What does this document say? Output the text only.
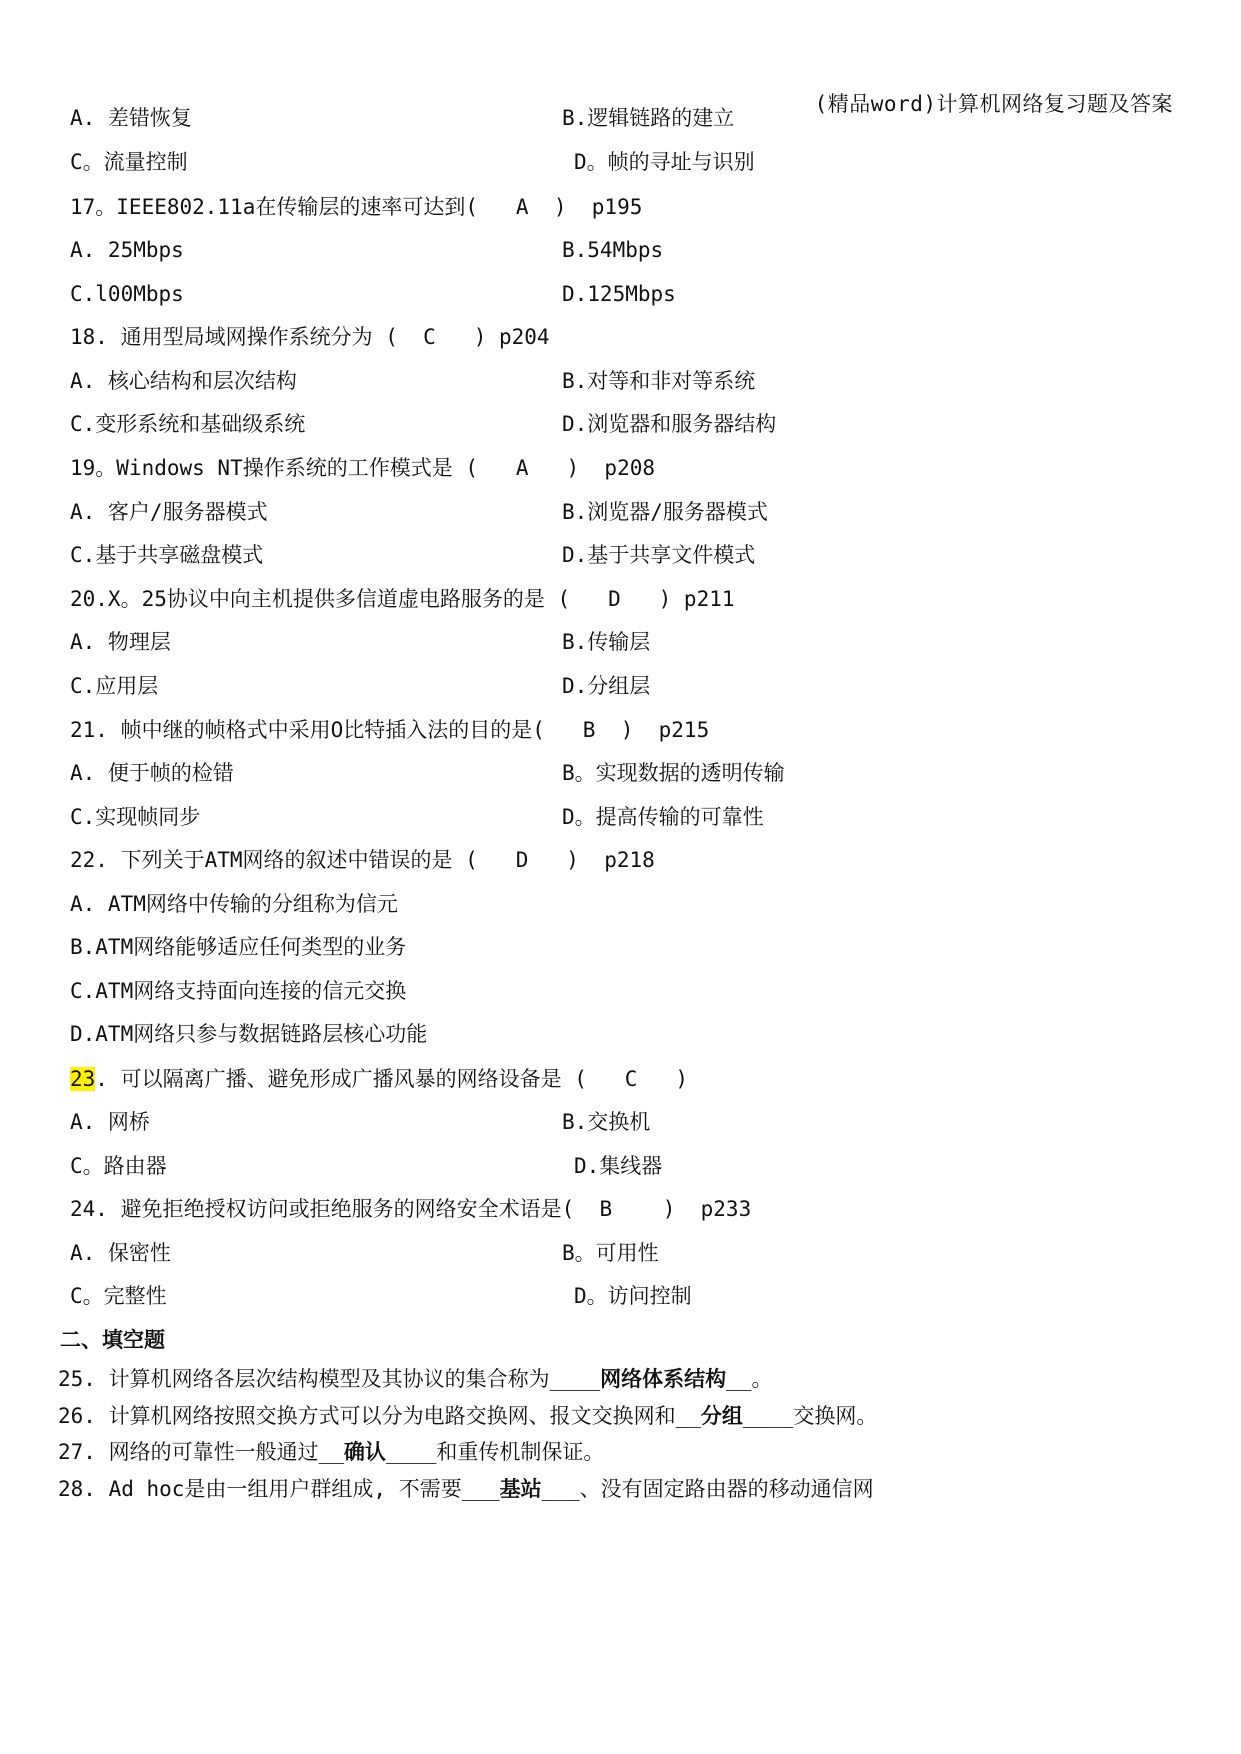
(精品word)计算机网络复习题及答案
A. 差错恢复	B.逻辑链路的建立
C。流量控制	D。帧的寻址与识别
17。IEEE802.11a在传输层的速率可达到(   A  )  p195
A. 25Mbps	B.54Mbps
C.l00Mbps	D.125Mbps
18. 通用型局域网操作系统分为 (  C   ) p204
A. 核心结构和层次结构	B.对等和非对等系统
C.变形系统和基础级系统	D.浏览器和服务器结构
19。Windows NT操作系统的工作模式是 (   A   )  p208
A. 客户/服务器模式	B.浏览器/服务器模式
C.基于共享磁盘模式	D.基于共享文件模式
20.X。25协议中向主机提供多信道虚电路服务的是 (   D   ) p211
A. 物理层	B.传输层
C.应用层	D.分组层
21. 帧中继的帧格式中采用O比特插入法的目的是(   B  )  p215
A. 便于帧的检错	B。实现数据的透明传输
C.实现帧同步	D。提高传输的可靠性
22. 下列关于ATM网络的叙述中错误的是 (   D   )  p218
A. ATM网络中传输的分组称为信元
B.ATM网络能够适应任何类型的业务
C.ATM网络支持面向连接的信元交换
D.ATM网络只参与数据链路层核心功能
23. 可以隔离广播、避免形成广播风暴的网络设备是 (   C   )
A. 网桥	B.交换机
C。路由器	D.集线器
24. 避免拒绝授权访问或拒绝服务的网络安全术语是(  B    )  p233
A. 保密性	B。可用性
C。完整性	D。访问控制
二、填空题
25. 计算机网络各层次结构模型及其协议的集合称为____网络体系结构__。
26. 计算机网络按照交换方式可以分为电路交换网、报文交换网和__分组____交换网。
27. 网络的可靠性一般通过__确认____和重传机制保证。
28. Ad hoc是由一组用户群组成, 不需要___基站___、没有固定路由器的移动通信网
